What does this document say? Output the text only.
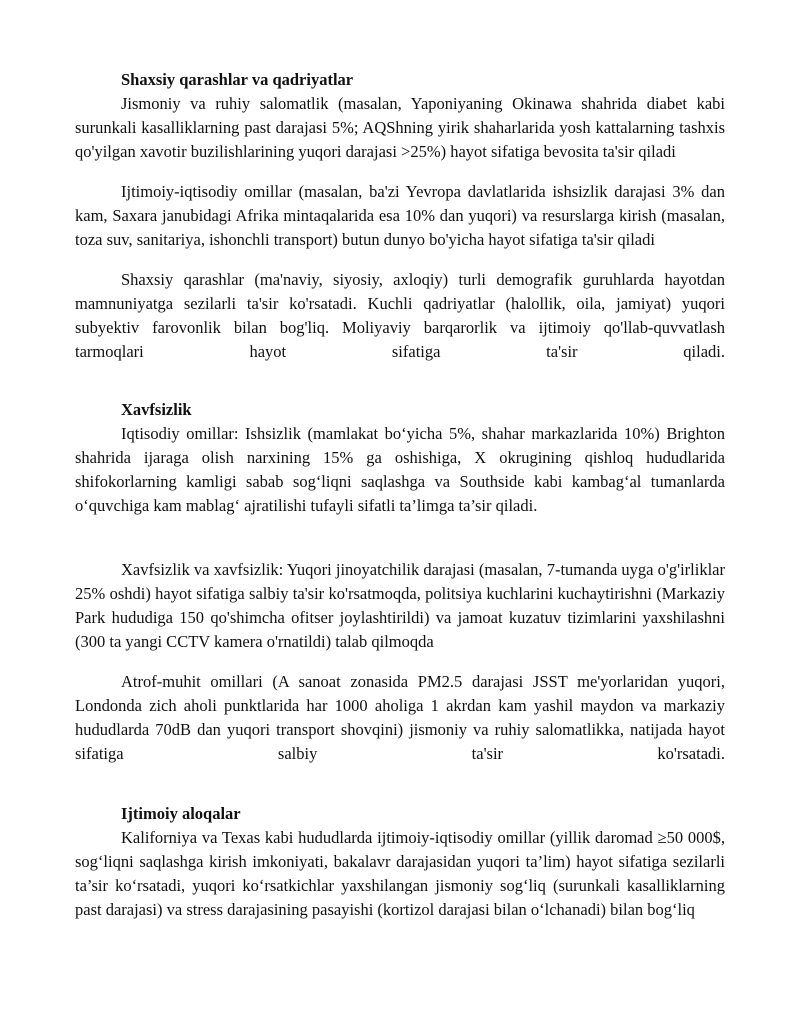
Shaxsiy qarashlar va qadriyatlar

Jismoniy va ruhiy salomatlik (masalan, Yaponiyaning Okinawa shahrida diabet kabi surunkali kasalliklarning past darajasi 5%; AQShning yirik shaharlarida yosh kattalarning tashxis qo'yilgan xavotir buzilishlarining yuqori darajasi >25%) hayot sifatiga bevosita ta'sir qiladi

Ijtimoiy-iqtisodiy omillar (masalan, ba'zi Yevropa davlatlarida ishsizlik darajasi 3% dan kam, Saxara janubidagi Afrika mintaqalarida esa 10% dan yuqori) va resurslarga kirish (masalan, toza suv, sanitariya, ishonchli transport) butun dunyo bo'yicha hayot sifatiga ta'sir qiladi

Shaxsiy qarashlar (ma'naviy, siyosiy, axloqiy) turli demografik guruhlarda hayotdan mamnuniyatga sezilarli ta'sir ko'rsatadi. Kuchli qadriyatlar (halollik, oila, jamiyat) yuqori subyektiv farovonlik bilan bog'liq. Moliyaviy barqarorlik va ijtimoiy qo'llab-quvvatlash tarmoqlari hayot sifatiga ta'sir qiladi.

Xavfsizlik

Iqtisodiy omillar: Ishsizlik (mamlakat bo‘yicha 5%, shahar markazlarida 10%) Brighton shahrida ijaraga olish narxining 15% ga oshishiga, X okrugining qishloq hududlarida shifokorlarning kamligi sabab sog‘liqni saqlashga va Southside kabi kambag‘al tumanlarda o‘quvchiga kam mablag‘ ajratilishi tufayli sifatli ta’limga ta’sir qiladi.

Xavfsizlik va xavfsizlik: Yuqori jinoyatchilik darajasi (masalan, 7-tumanda uyga o'g'irliklar 25% oshdi) hayot sifatiga salbiy ta'sir ko'rsatmoqda, politsiya kuchlarini kuchaytirishni (Markaziy Park hududiga 150 qo'shimcha ofitser joylashtirildi) va jamoat kuzatuv tizimlarini yaxshilashni (300 ta yangi CCTV kamera o'rnatildi) talab qilmoqda

Atrof-muhit omillari (A sanoat zonasida PM2.5 darajasi JSST me'yorlaridan yuqori, Londonda zich aholi punktlarida har 1000 aholiga 1 akrdan kam yashil maydon va markaziy hududlarda 70dB dan yuqori transport shovqini) jismoniy va ruhiy salomatlikka, natijada hayot sifatiga salbiy ta'sir ko'rsatadi.

Ijtimoiy aloqalar

Kaliforniya va Texas kabi hududlarda ijtimoiy-iqtisodiy omillar (yillik daromad ≥50 000$, sog‘liqni saqlashga kirish imkoniyati, bakalavr darajasidan yuqori ta’lim) hayot sifatiga sezilarli ta’sir ko‘rsatadi, yuqori ko‘rsatkichlar yaxshilangan jismoniy sog‘liq (surunkali kasalliklarning past darajasi) va stress darajasining pasayishi (kortizol darajasi bilan o‘lchanadi) bilan bog‘liq
